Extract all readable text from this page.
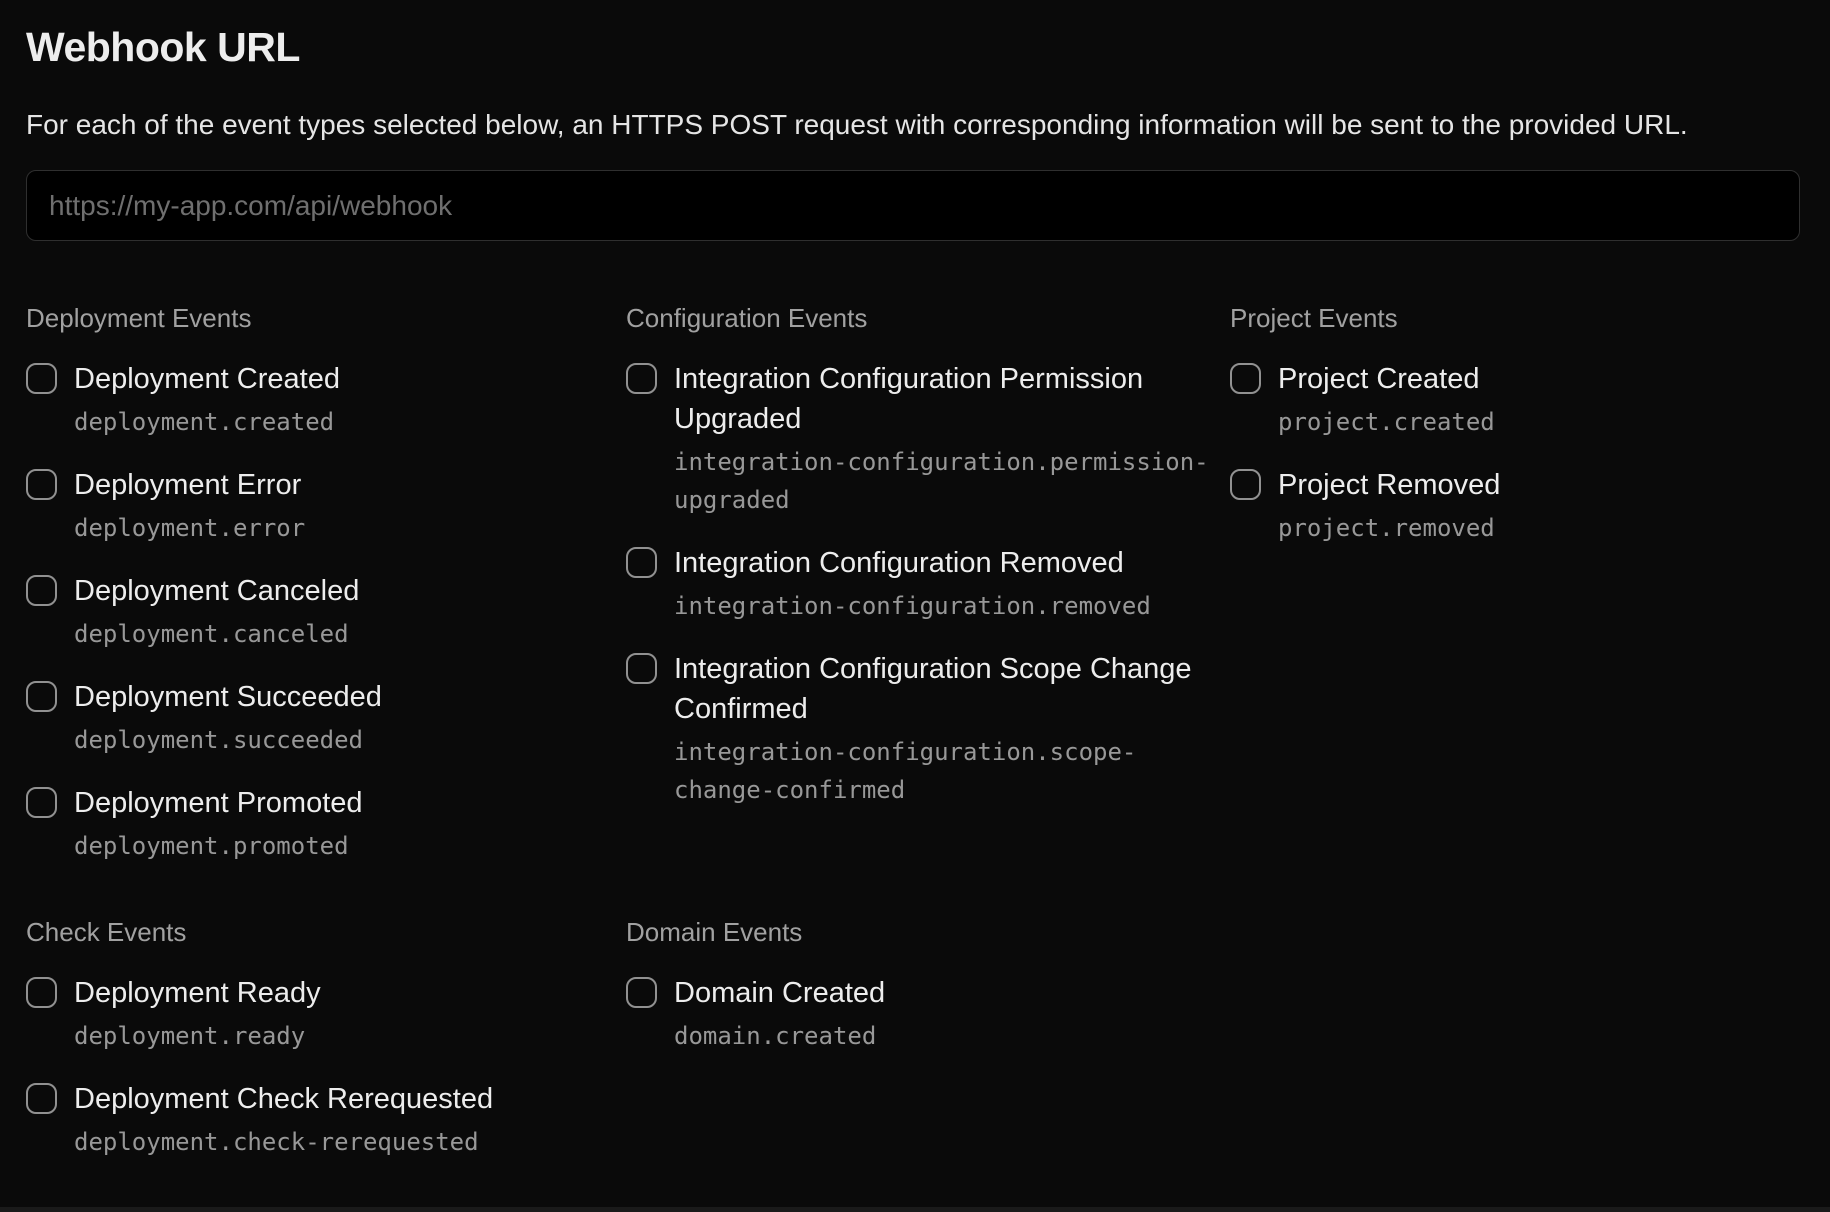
Webhook URL

For each of the event types selected below, an HTTPS POST request with corresponding information will be sent to the provided URL.

https://my-app.com/api/webhook
Deployment Events
Deployment Created
deployment.created
Deployment Error
deployment.error
Deployment Canceled
deployment.canceled
Deployment Succeeded
deployment.succeeded
Deployment Promoted
deployment.promoted
Configuration Events
Integration Configuration Permission Upgraded
integration-configuration.permission-upgraded
Integration Configuration Removed
integration-configuration.removed
Integration Configuration Scope Change Confirmed
integration-configuration.scope-change-confirmed
Project Events
Project Created
project.created
Project Removed
project.removed
Check Events
Deployment Ready
deployment.ready
Deployment Check Rerequested
deployment.check-rerequested
Domain Events
Domain Created
domain.created
